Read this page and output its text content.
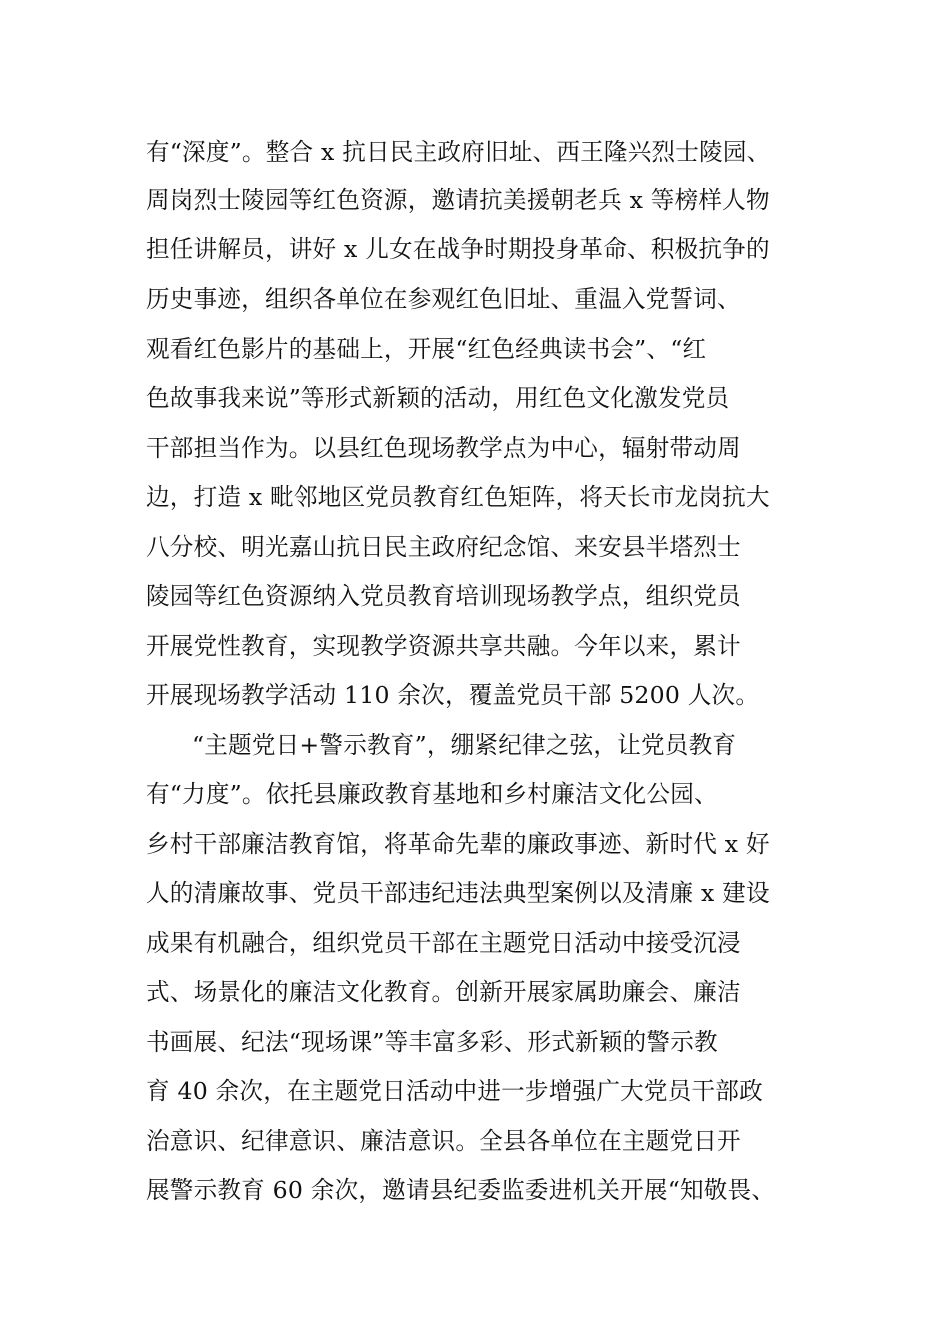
有“深度”。整合 x 抗日民主政府旧址、西王隆兴烈士陵园、
周岗烈士陵园等红色资源，邀请抗美援朝老兵 x 等榜样人物
担任讲解员，讲好 x 儿女在战争时期投身革命、积极抗争的
历史事迹，组织各单位在参观红色旧址、重温入党誓词、
观看红色影片的基础上，开展“红色经典读书会”、“红
色故事我来说”等形式新颖的活动，用红色文化激发党员
干部担当作为。以县红色现场教学点为中心，辐射带动周
边，打造 x 毗邻地区党员教育红色矩阵，将天长市龙岗抗大
八分校、明光嘉山抗日民主政府纪念馆、来安县半塔烈士
陵园等红色资源纳入党员教育培训现场教学点，组织党员
开展党性教育，实现教学资源共享共融。今年以来，累计
开展现场教学活动 110 余次，覆盖党员干部 5200 人次。
“主题党日+警示教育”，绷紧纪律之弦，让党员教育
有“力度”。依托县廉政教育基地和乡村廉洁文化公园、
乡村干部廉洁教育馆，将革命先辈的廉政事迹、新时代 x 好
人的清廉故事、党员干部违纪违法典型案例以及清廉 x 建设
成果有机融合，组织党员干部在主题党日活动中接受沉浸
式、场景化的廉洁文化教育。创新开展家属助廉会、廉洁
书画展、纪法“现场课”等丰富多彩、形式新颖的警示教
育 40 余次，在主题党日活动中进一步增强广大党员干部政
治意识、纪律意识、廉洁意识。全县各单位在主题党日开
展警示教育 60 余次，邀请县纪委监委进机关开展“知敬畏、
